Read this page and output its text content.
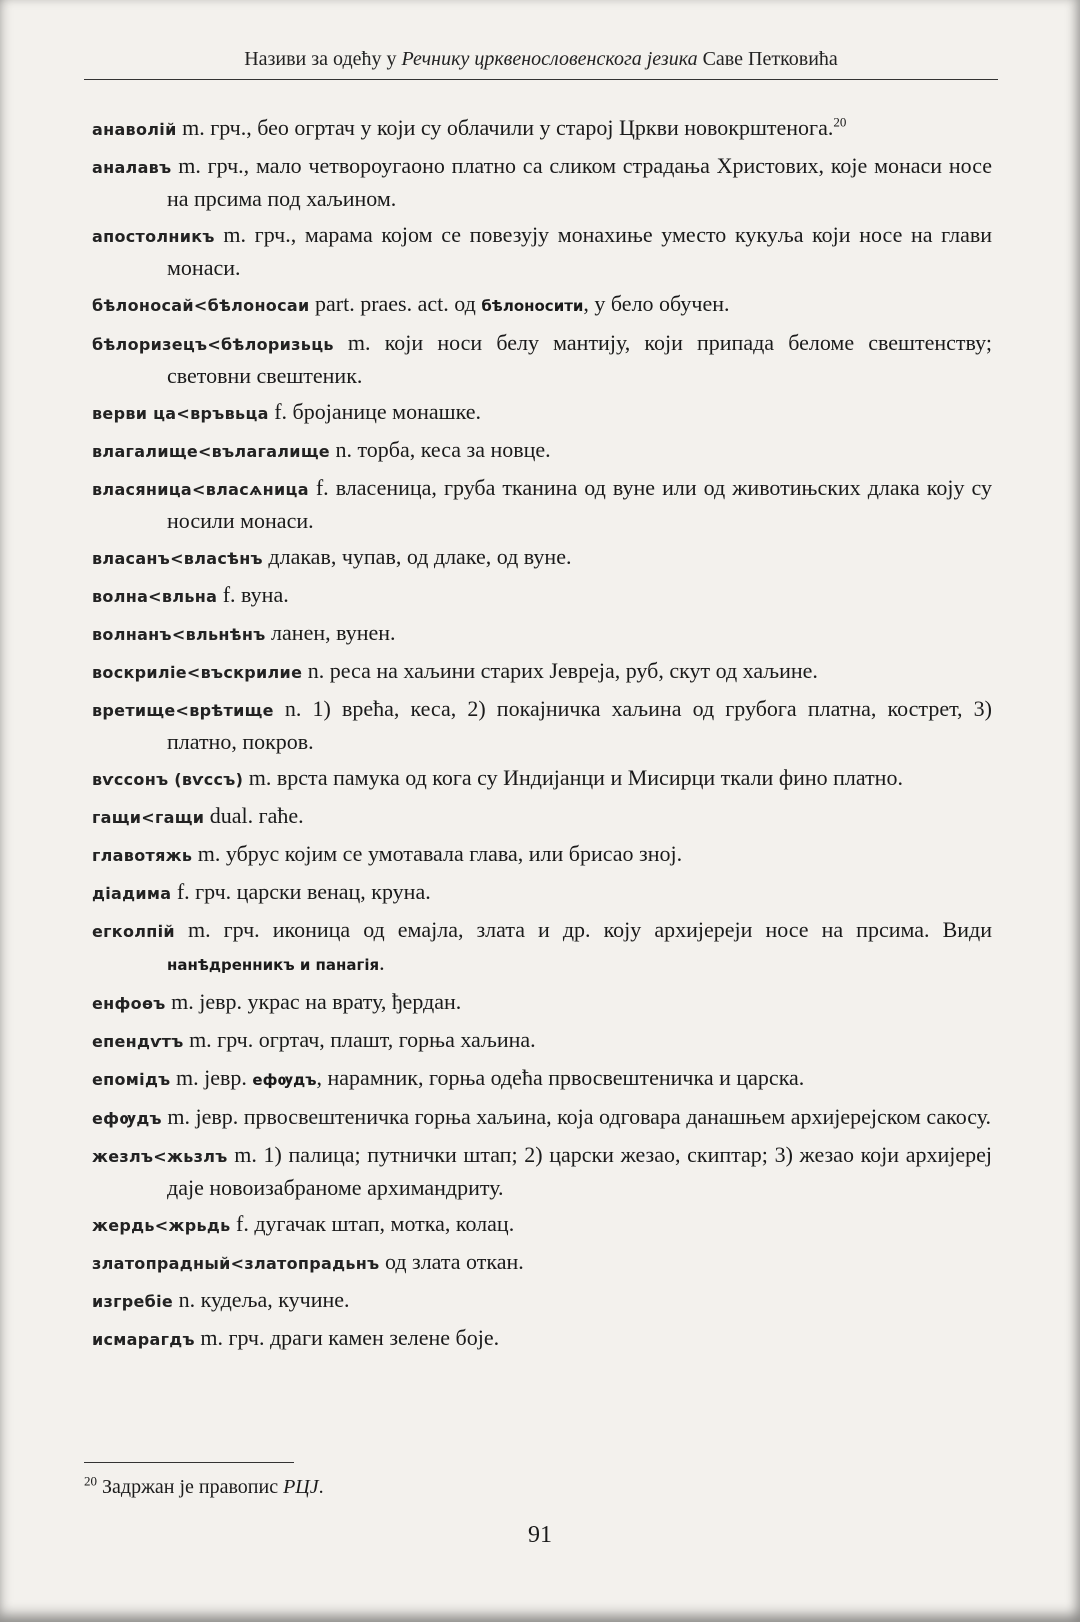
Називи за одећу у Речнику црквенословенскога језика Саве Петковића
анаволій m. грч., бео огртач у који су облачили у старој Цркви новокрштенога.$^{20}$
аналавъ m. грч., мало четвороугаоно платно са сликом страдања Христових, које монаси носе на прсима под хаљином.
апостолникъ m. грч., марама којом се повезују монахиње уместо кукуља који носе на глави монаси.
бѣлоносай<бѣлоносаи part. praes. act. од бѣлоносити, у бело обучен.
бѣлоризецъ<бѣлоризьць m. који носи белу мантију, који припада беломе свештенству; световни свештеник.
верви ца<връвьца f. бројанице монашке.
влагалище<вълагалище n. торба, кеса за новце.
власяница<власѧница f. власеница, груба тканина од вуне или од животињских длака коју су носили монаси.
власанъ<власѣнъ длакав, чупав, од длаке, од вуне.
волна<вльна f. вуна.
волнанъ<вльнѣнъ ланен, вунен.
воскриліе<въскрилие n. реса на хаљини старих Јевреја, руб, скут од хаљине.
вретище<врѣтище n. 1) врећа, кеса, 2) покајничка хаљина од грубога платна, кострет, 3) платно, покров.
вѵссонъ (вѵссъ) m. врста памука од кога су Индијанци и Мисирци ткали фино платно.
гащи<гащи dual. гаће.
главотяжь m. убрус којим се умотавала глава, или брисао зној.
діадима f. грч. царски венац, круна.
егколпій m. грч. иконица од емајла, злата и др. коју архијереји носе на прсима. Види нанѣдренникъ и панагія.
енфоѳъ m. јевр. украс на врату, ђердан.
епендѵтъ m. грч. огртач, плашт, горња хаљина.
епомідъ m. јевр. ефѹдъ, нарамник, горња одећа првосвештеничка и царска.
ефѹдъ m. јевр. првосвештеничка горња хаљина, која одговара данашњем архијерејском сакосу.
жезлъ<жьзлъ m. 1) палица; путнички штап; 2) царски жезао, скиптар; 3) жезао који архијереј даје новоизабраноме архимандриту.
жердь<жрьдь f. дугачак штап, мотка, колац.
златопрадный<златопрадьнъ од злата откан.
изгребіе n. кудеља, кучине.
исмарагдъ m. грч. драги камен зелене боје.
$^{20}$ Задржан је правопис РЦЈ.
91
